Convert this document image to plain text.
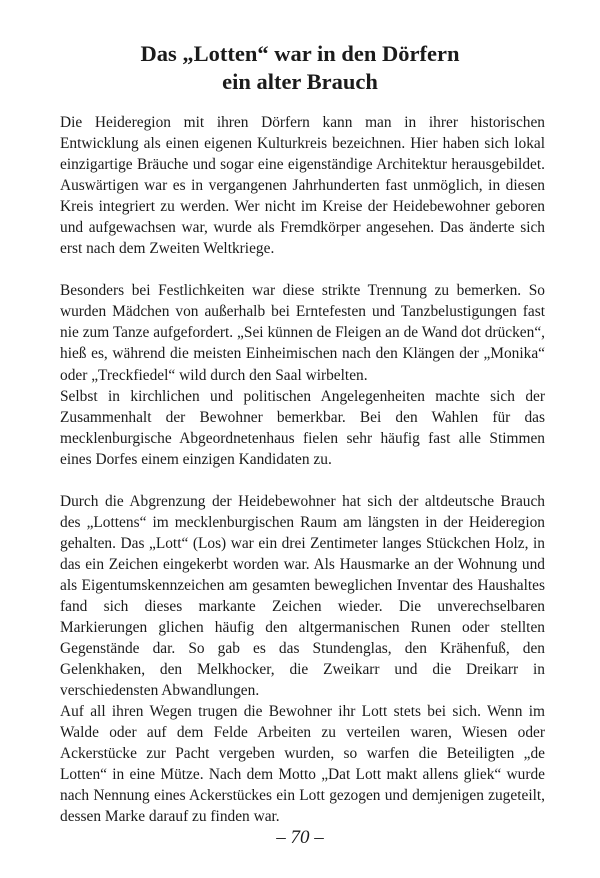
Das „Lotten“ war in den Dörfern
ein alter Brauch

Die Heideregion mit ihren Dörfern kann man in ihrer historischen Entwicklung als einen eigenen Kulturkreis bezeichnen. Hier haben sich lokal einzigartige Bräuche und sogar eine eigenständige Architektur herausgebildet. Auswärtigen war es in vergangenen Jahrhunderten fast unmöglich, in diesen Kreis integriert zu werden. Wer nicht im Kreise der Heidebewohner geboren und aufgewachsen war, wurde als Fremdkörper angesehen. Das änderte sich erst nach dem Zweiten Weltkriege.

Besonders bei Festlichkeiten war diese strikte Trennung zu bemerken. So wurden Mädchen von außerhalb bei Erntefesten und Tanzbelustigungen fast nie zum Tanze aufgefordert. „Sei künnen de Fleigen an de Wand dot drücken“, hieß es, während die meisten Einheimischen nach den Klängen der „Monika“ oder „Treckfiedel“ wild durch den Saal wirbelten.

Selbst in kirchlichen und politischen Angelegenheiten machte sich der Zusammenhalt der Bewohner bemerkbar. Bei den Wahlen für das mecklenburgische Abgeordnetenhaus fielen sehr häufig fast alle Stimmen eines Dorfes einem einzigen Kandidaten zu.

Durch die Abgrenzung der Heidebewohner hat sich der altdeutsche Brauch des „Lottens“ im mecklenburgischen Raum am längsten in der Heideregion gehalten. Das „Lott“ (Los) war ein drei Zentimeter langes Stückchen Holz, in das ein Zeichen eingekerbt worden war. Als Hausmarke an der Wohnung und als Eigentumskennzeichen am gesamten beweglichen Inventar des Haushaltes fand sich dieses markante Zeichen wieder. Die unverechselbaren Markierungen glichen häufig den altgermanischen Runen oder stellten Gegenstände dar. So gab es das Stundenglas, den Krähenfuß, den Gelenkhaken, den Melkhocker, die Zweikarr und die Dreikarr in verschiedensten Abwandlungen.

Auf all ihren Wegen trugen die Bewohner ihr Lott stets bei sich. Wenn im Walde oder auf dem Felde Arbeiten zu verteilen waren, Wiesen oder Ackerstücke zur Pacht vergeben wurden, so warfen die Beteiligten „de Lotten“ in eine Mütze. Nach dem Motto „Dat Lott makt allens gliek“ wurde nach Nennung eines Ackerstückes ein Lott gezogen und demjenigen zugeteilt, dessen Marke darauf zu finden war.

– 70 –
